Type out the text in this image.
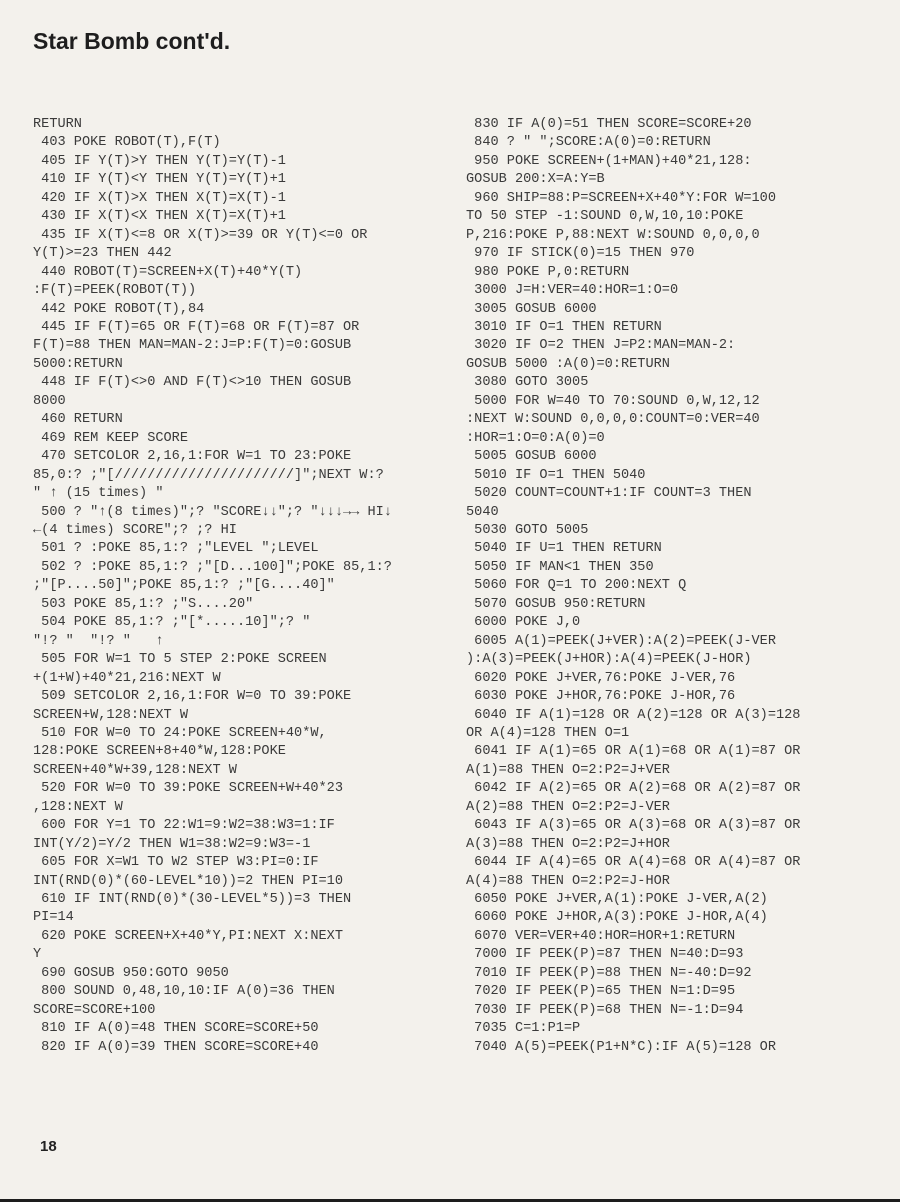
Star Bomb cont'd.
RETURN
403 POKE ROBOT(T),F(T)
405 IF Y(T)>Y THEN Y(T)=Y(T)-1
410 IF Y(T)<Y THEN Y(T)=Y(T)+1
420 IF X(T)>X THEN X(T)=X(T)-1
430 IF X(T)<X THEN X(T)=X(T)+1
435 IF X(T)<=8 OR X(T)>=39 OR Y(T)<=0 OR
Y(T)>=23 THEN 442
440 ROBOT(T)=SCREEN+X(T)+40*Y(T)
:F(T)=PEEK(ROBOT(T))
442 POKE ROBOT(T),84
445 IF F(T)=65 OR F(T)=68 OR F(T)=87 OR
F(T)=88 THEN MAN=MAN-2:J=P:F(T)=0:GOSUB
5000:RETURN
448 IF F(T)<>0 AND F(T)<>10 THEN GOSUB
8000
460 RETURN
469 REM KEEP SCORE
470 SETCOLOR 2,16,1:FOR W=1 TO 23:POKE
85,0:? ;"[//////////////////////]";NEXT W:?
" ↑ (15 times) "
500 ? "↑(8 times)";? "SCORE↓↓";? "↓↓↓→→ HI↓
←(4 times) SCORE";? ;? HI
501 ? :POKE 85,1:? ;"LEVEL ";LEVEL
502 ? :POKE 85,1:? ;"[D...100]";POKE 85,1:?
;"[P....50]";POKE 85,1:? ;"[G....40]"
503 POKE 85,1:? ;"S....20"
504 POKE 85,1:? ;"[*.....10]";? "
"!? "  "!? "   ↑
505 FOR W=1 TO 5 STEP 2:POKE SCREEN
+(1+W)+40*21,216:NEXT W
509 SETCOLOR 2,16,1:FOR W=0 TO 39:POKE
SCREEN+W,128:NEXT W
510 FOR W=0 TO 24:POKE SCREEN+40*W,
128:POKE SCREEN+8+40*W,128:POKE
SCREEN+40*W+39,128:NEXT W
520 FOR W=0 TO 39:POKE SCREEN+W+40*23
,128:NEXT W
600 FOR Y=1 TO 22:W1=9:W2=38:W3=1:IF
INT(Y/2)=Y/2 THEN W1=38:W2=9:W3=-1
605 FOR X=W1 TO W2 STEP W3:PI=0:IF
INT(RND(0)*(60-LEVEL*10))=2 THEN PI=10
610 IF INT(RND(0)*(30-LEVEL*5))=3 THEN
PI=14
620 POKE SCREEN+X+40*Y,PI:NEXT X:NEXT
Y
690 GOSUB 950:GOTO 9050
800 SOUND 0,48,10,10:IF A(0)=36 THEN
SCORE=SCORE+100
810 IF A(0)=48 THEN SCORE=SCORE+50
820 IF A(0)=39 THEN SCORE=SCORE+40
830 IF A(0)=51 THEN SCORE=SCORE+20
840 ? " ";SCORE:A(0)=0:RETURN
950 POKE SCREEN+(1+MAN)+40*21,128:
GOSUB 200:X=A:Y=B
960 SHIP=88:P=SCREEN+X+40*Y:FOR W=100
TO 50 STEP -1:SOUND 0,W,10,10:POKE
P,216:POKE P,88:NEXT W:SOUND 0,0,0,0
970 IF STICK(0)=15 THEN 970
980 POKE P,0:RETURN
3000 J=H:VER=40:HOR=1:O=0
3005 GOSUB 6000
3010 IF O=1 THEN RETURN
3020 IF O=2 THEN J=P2:MAN=MAN-2:
GOSUB 5000 :A(0)=0:RETURN
3080 GOTO 3005
5000 FOR W=40 TO 70:SOUND 0,W,12,12
:NEXT W:SOUND 0,0,0,0:COUNT=0:VER=40
:HOR=1:O=0:A(0)=0
5005 GOSUB 6000
5010 IF O=1 THEN 5040
5020 COUNT=COUNT+1:IF COUNT=3 THEN
5040
5030 GOTO 5005
5040 IF U=1 THEN RETURN
5050 IF MAN<1 THEN 350
5060 FOR Q=1 TO 200:NEXT Q
5070 GOSUB 950:RETURN
6000 POKE J,0
6005 A(1)=PEEK(J+VER):A(2)=PEEK(J-VER
):A(3)=PEEK(J+HOR):A(4)=PEEK(J-HOR)
6020 POKE J+VER,76:POKE J-VER,76
6030 POKE J+HOR,76:POKE J-HOR,76
6040 IF A(1)=128 OR A(2)=128 OR A(3)=128
OR A(4)=128 THEN O=1
6041 IF A(1)=65 OR A(1)=68 OR A(1)=87 OR
A(1)=88 THEN O=2:P2=J+VER
6042 IF A(2)=65 OR A(2)=68 OR A(2)=87 OR
A(2)=88 THEN O=2:P2=J-VER
6043 IF A(3)=65 OR A(3)=68 OR A(3)=87 OR
A(3)=88 THEN O=2:P2=J+HOR
6044 IF A(4)=65 OR A(4)=68 OR A(4)=87 OR
A(4)=88 THEN O=2:P2=J-HOR
6050 POKE J+VER,A(1):POKE J-VER,A(2)
6060 POKE J+HOR,A(3):POKE J-HOR,A(4)
6070 VER=VER+40:HOR=HOR+1:RETURN
7000 IF PEEK(P)=87 THEN N=40:D=93
7010 IF PEEK(P)=88 THEN N=-40:D=92
7020 IF PEEK(P)=65 THEN N=1:D=95
7030 IF PEEK(P)=68 THEN N=-1:D=94
7035 C=1:P1=P
7040 A(5)=PEEK(P1+N*C):IF A(5)=128 OR
18
